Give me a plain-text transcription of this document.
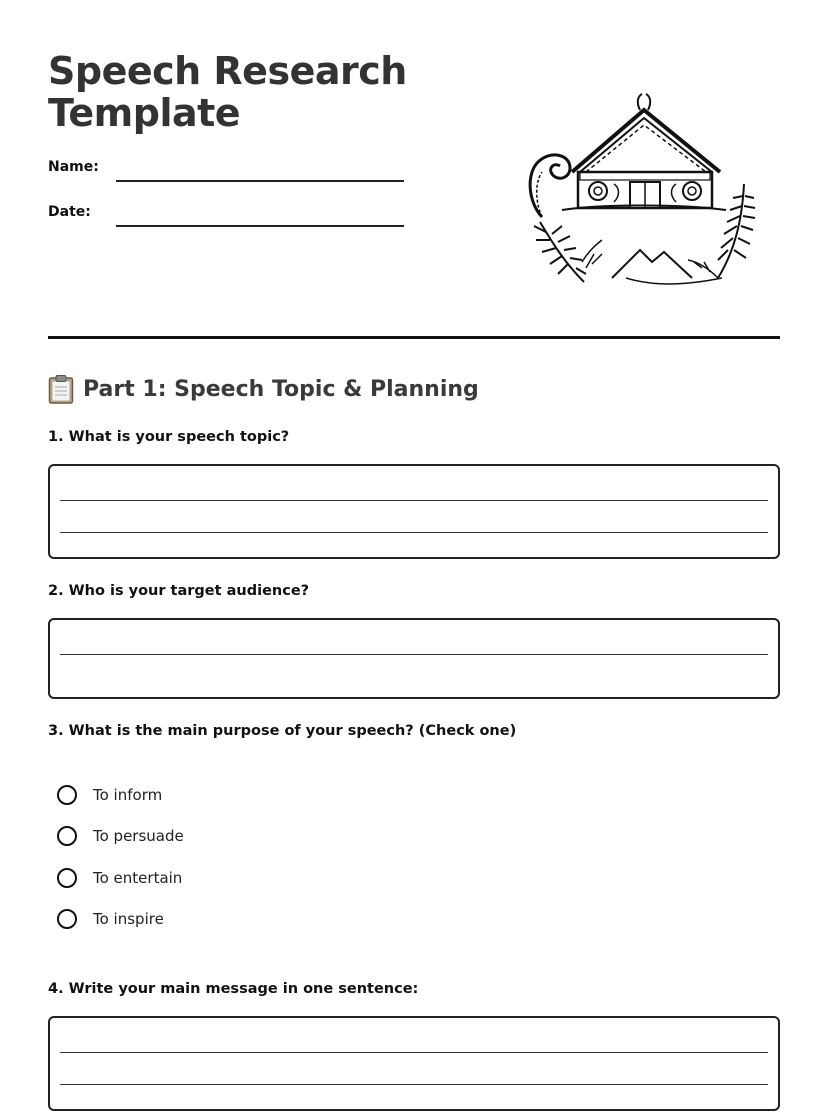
Speech Research
Template
Name:
Date:
Part 1: Speech Topic & Planning

1. What is your speech topic?

2. Who is your target audience?

3. What is the main purpose of your speech? (Check one)

To inform
To persuade
To entertain
To inspire

4. Write your main message in one sentence:
